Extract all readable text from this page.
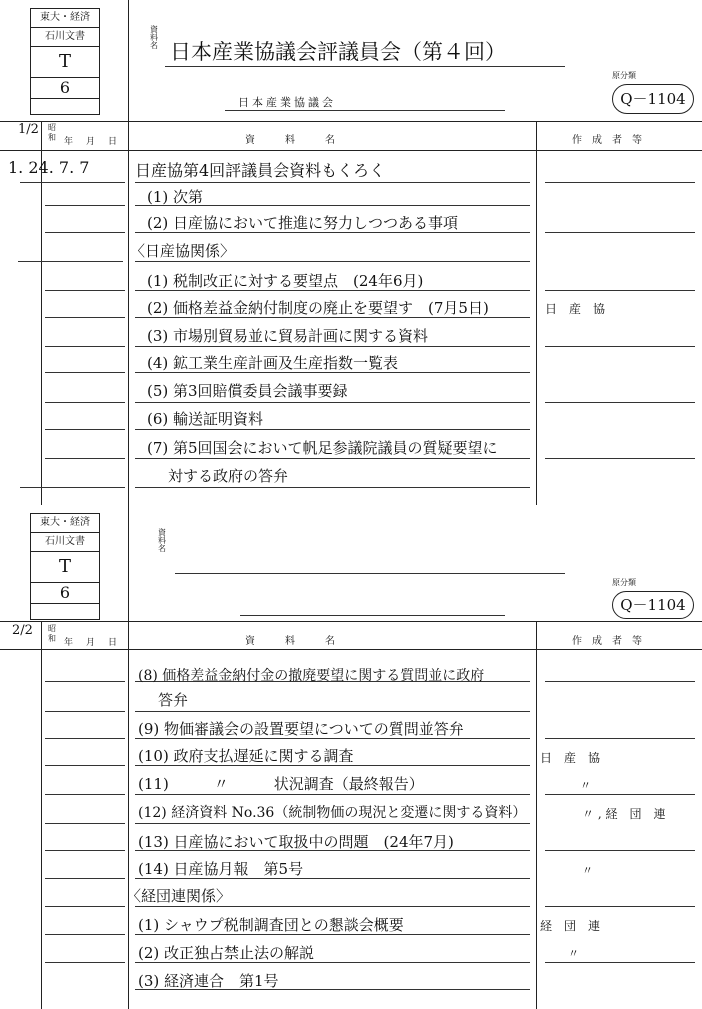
東大・経済
石川文書
T
6
資料名 日本産業協議会評議員会（第４回）
原分類
Q－1104
日本産業協議会
1/2 昭
和 年 月 日	資　　　料　　　名	作　成　者　等
1. 24. 7. 7	日産協第4回評議員会資料もくろく
(1) 次第
(2) 日産協において推進に努力しつつある事項
〈日産協関係〉
(1) 税制改正に対する要望点　(24年6月)
(2) 価格差益金納付制度の廃止を要望す　(7月5日)	日　産　協
(3) 市場別貿易並に貿易計画に関する資料
(4) 鉱工業生産計画及生産指数一覧表
(5) 第3回賠償委員会議事要録
(6) 輸送証明資料
(7) 第5回国会において帆足参議院議員の質疑要望に
対する政府の答弁
東大・経済
石川文書
T
6
資料名
原分類
Q－1104
2/2 昭
和 年 月 日	資　　　料　　　名	作　成　者　等
(8) 価格差益金納付金の撤廃要望に関する質問並に政府
答弁
(9) 物価審議会の設置要望についての質問並答弁
(10) 政府支払遅延に関する調査	日　産　協
(11)　　　〃　　　状況調査（最終報告）	〃
(12) 経済資料 No.36（統制物価の現況と変遷に関する資料）	〃 , 経　団　連
(13) 日産協において取扱中の問題　(24年7月)
(14) 日産協月報　第5号	〃
〈経団連関係〉
(1) シャウプ税制調査団との懇談会概要	経　団　連
(2) 改正独占禁止法の解説	〃
(3) 経済連合　第1号
